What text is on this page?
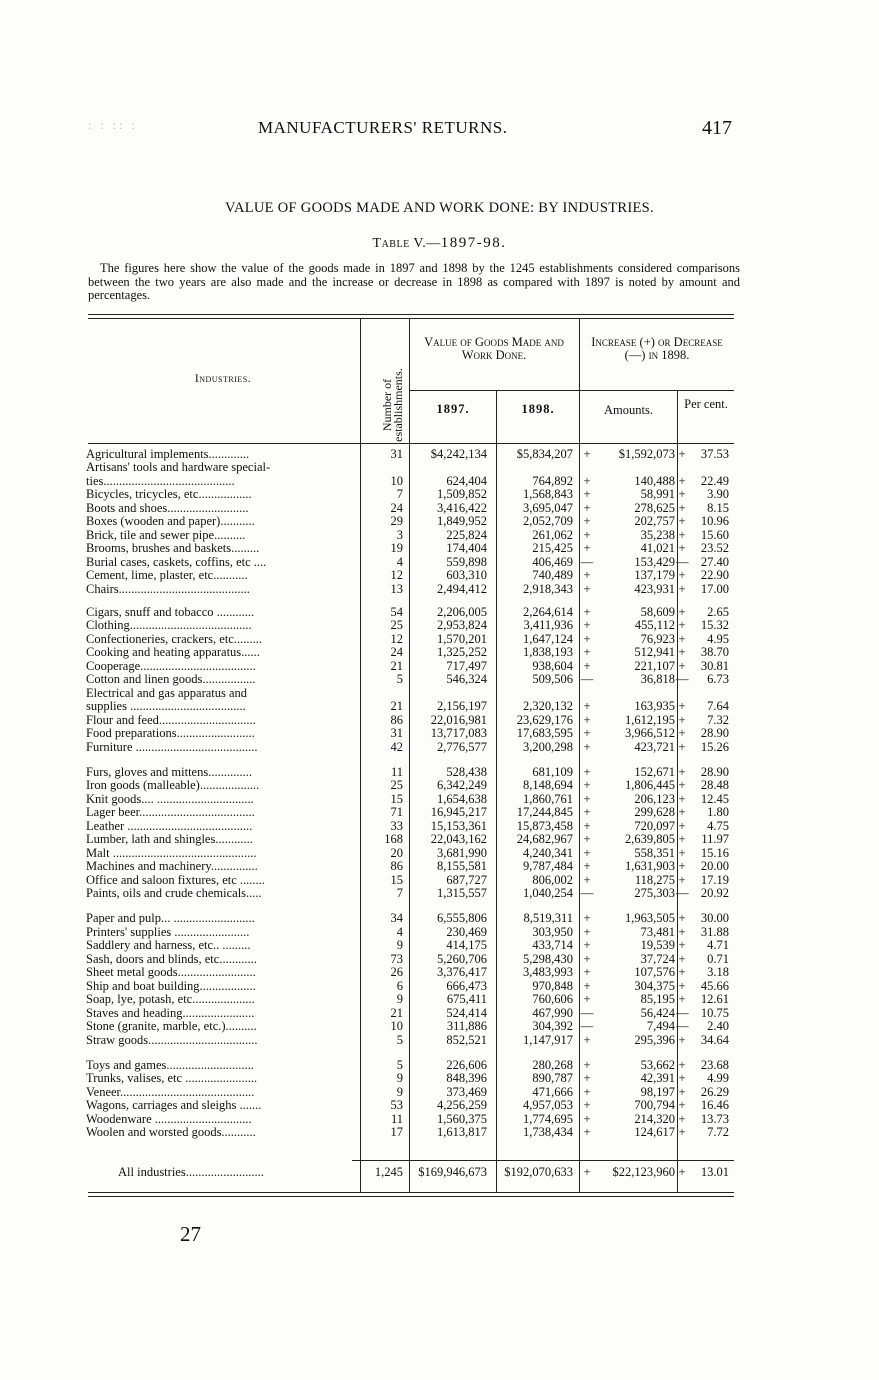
MANUFACTURERS' RETURNS.	417
: : :: :
VALUE OF GOODS MADE AND WORK DONE: BY INDUSTRIES.
Table V.—1897-98.

The figures here show the value of the goods made in 1897 and 1898 by the 1245 establishments considered comparisons between the two years are also made and the increase or decrease in 1898 as compared with 1897 is noted by amount and percentages.

Industries.	Number of establishments.
Value of Goods Made and Work Done.
Increase (+) or Decrease (—) in 1898.
1897.	1898.	Amounts.	Per cent.
Agricultural implements.............	31	$4,242,134	$5,834,207 +	$1,592,073 +	37.53
Artisans' tools and hardware special-
ties..........................................	10	624,404	764,892 +	140,488 +	22.49
Bicycles, tricycles, etc.................	7	1,509,852	1,568,843 +	58,991 +	3.90
Boots and shoes..........................	24	3,416,422	3,695,047 +	278,625 +	8.15
Boxes (wooden and paper)...........	29	1,849,952	2,052,709 +	202,757 +	10.96
Brick, tile and sewer pipe..........	3	225,824	261,062 +	35,238 +	15.60
Brooms, brushes and baskets.........	19	174,404	215,425 +	41,021 +	23.52
Burial cases, caskets, coffins, etc ....	4	559,898	406,469 —	153,429 — 27.40
Cement, lime, plaster, etc...........	12	603,310	740,489 +	137,179 +	22.90
Chairs..........................................	13	2,494,412	2,918,343 +	423,931 +	17.00
Cigars, snuff and tobacco ............	54	2,206,005	2,264,614 +	58,609 +	2.65
Clothing.......................................	25	2,953,824	3,411,936 +	455,112 +	15.32
Confectioneries, crackers, etc.........	12	1,570,201	1,647,124 +	76,923 +	4.95
Cooking and heating apparatus......	24	1,325,252	1,838,193 +	512,941 +	38.70
Cooperage.....................................	21	717,497	938,604 +	221,107 +	30.81
Cotton and linen goods.................	5	546,324	509,506 —	36,818 —	6.73
Electrical and gas apparatus and
supplies .....................................	21	2,156,197	2,320,132 +	163,935 +	7.64
Flour and feed...............................	86	22,016,981	23,629,176 +	1,612,195 +	7.32
Food preparations.........................	31	13,717,083	17,683,595 +	3,966,512 +	28.90
Furniture .......................................	42	2,776,577	3,200,298 +	423,721 +	15.26
Furs, gloves and mittens..............	11	528,438	681,109 +	152,671 +	28.90
Iron goods (malleable)...................	25	6,342,249	8,148,694 +	1,806,445 +	28.48
Knit goods.... ...............................	15	1,654,638	1,860,761 +	206,123 +	12.45
Lager beer.....................................	71	16,945,217	17,244,845 +	299,628 +	1.80
Leather ........................................	33	15,153,361	15,873,458 +	720,097 +	4.75
Lumber, lath and shingles............	168	22,043,162	24,682,967 +	2,639,805 +	11.97
Malt ..............................................	20	3,681,990	4,240,341 +	558,351 +	15.16
Machines and machinery...............	86	8,155,581	9,787,484 +	1,631,903 +	20.00
Office and saloon fixtures, etc ........	15	687,727	806,002 +	118,275 +	17.19
Paints, oils and crude chemicals.....	7	1,315,557	1,040,254 —	275,303 — 20.92
Paper and pulp... ..........................	34	6,555,806	8,519,311 +	1,963,505 +	30.00
Printers' supplies ........................	4	230,469	303,950 +	73,481 +	31.88
Saddlery and harness, etc.. .........	9	414,175	433,714 +	19,539 +	4.71
Sash, doors and blinds, etc............	73	5,260,706	5,298,430 +	37,724 +	0.71
Sheet metal goods.........................	26	3,376,417	3,483,993 +	107,576 +	3.18
Ship and boat building..................	6	666,473	970,848 +	304,375 +	45.66
Soap, lye, potash, etc....................	9	675,411	760,606 +	85,195 +	12.61
Staves and heading.......................	21	524,414	467,990 —	56,424 — 10.75
Stone (granite, marble, etc.)..........	10	311,886	304,392 —	7,494 —	2.40
Straw goods...................................	5	852,521	1,147,917 +	295,396 +	34.64
Toys and games............................	5	226,606	280,268 +	53,662 +	23.68
Trunks, valises, etc .......................	9	848,396	890,787 +	42,391 +	4.99
Veneer...........................................	9	373,469	471,666 +	98,197 +	26.29
Wagons, carriages and sleighs .......	53	4,256,259	4,957,053 +	700,794 +	16.46
Woodenware ...............................	11	1,560,375	1,774,695 +	214,320 +	13.73
Woolen and worsted goods...........	17	1,613,817	1,738,434 +	124,617 +	7.72
All industries.........................	1,245	$169,946,673	$192,070,633 +	$22,123,960 +	13.01
27
